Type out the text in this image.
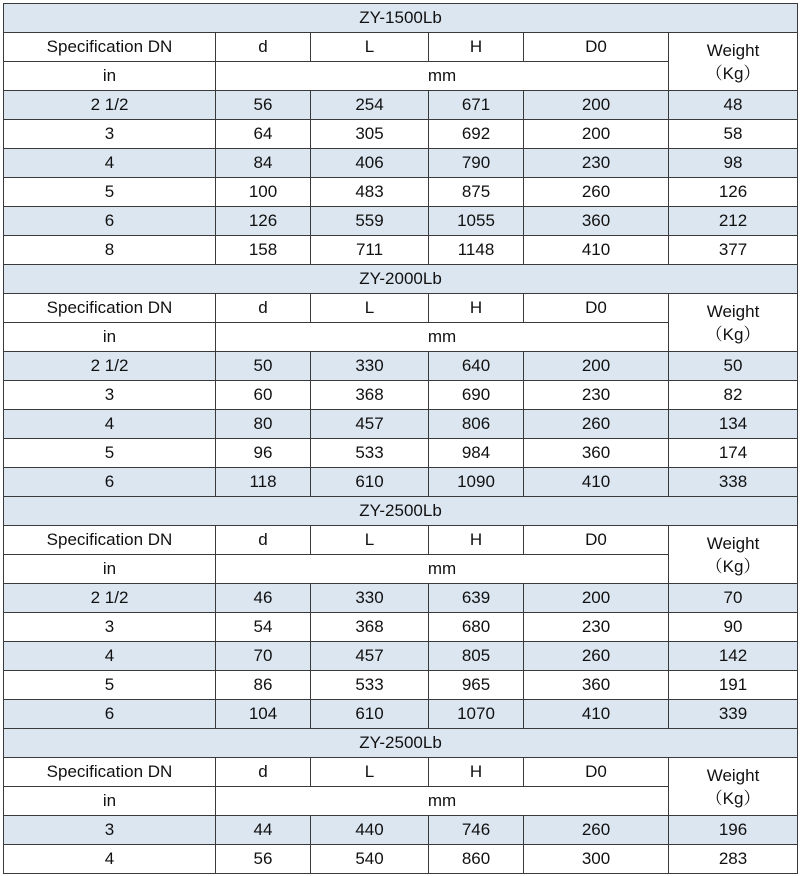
ZY-1500Lb					
Specification DN	d	L	H	D0	Weight
（Kg）
in	mm				
2 1/2	56	254	671	200	48
3	64	305	692	200	58
4	84	406	790	230	98
5	100	483	875	260	126
6	126	559	1055	360	212
8	158	711	1148	410	377
ZY-2000Lb					
Specification DN	d	L	H	D0	Weight
（Kg）
in	mm				
2 1/2	50	330	640	200	50
3	60	368	690	230	82
4	80	457	806	260	134
5	96	533	984	360	174
6	118	610	1090	410	338
ZY-2500Lb					
Specification DN	d	L	H	D0	Weight
（Kg）
in	mm				
2 1/2	46	330	639	200	70
3	54	368	680	230	90
4	70	457	805	260	142
5	86	533	965	360	191
6	104	610	1070	410	339
ZY-2500Lb					
Specification DN	d	L	H	D0	Weight
（Kg）
in	mm				
3	44	440	746	260	196
4	56	540	860	300	283
